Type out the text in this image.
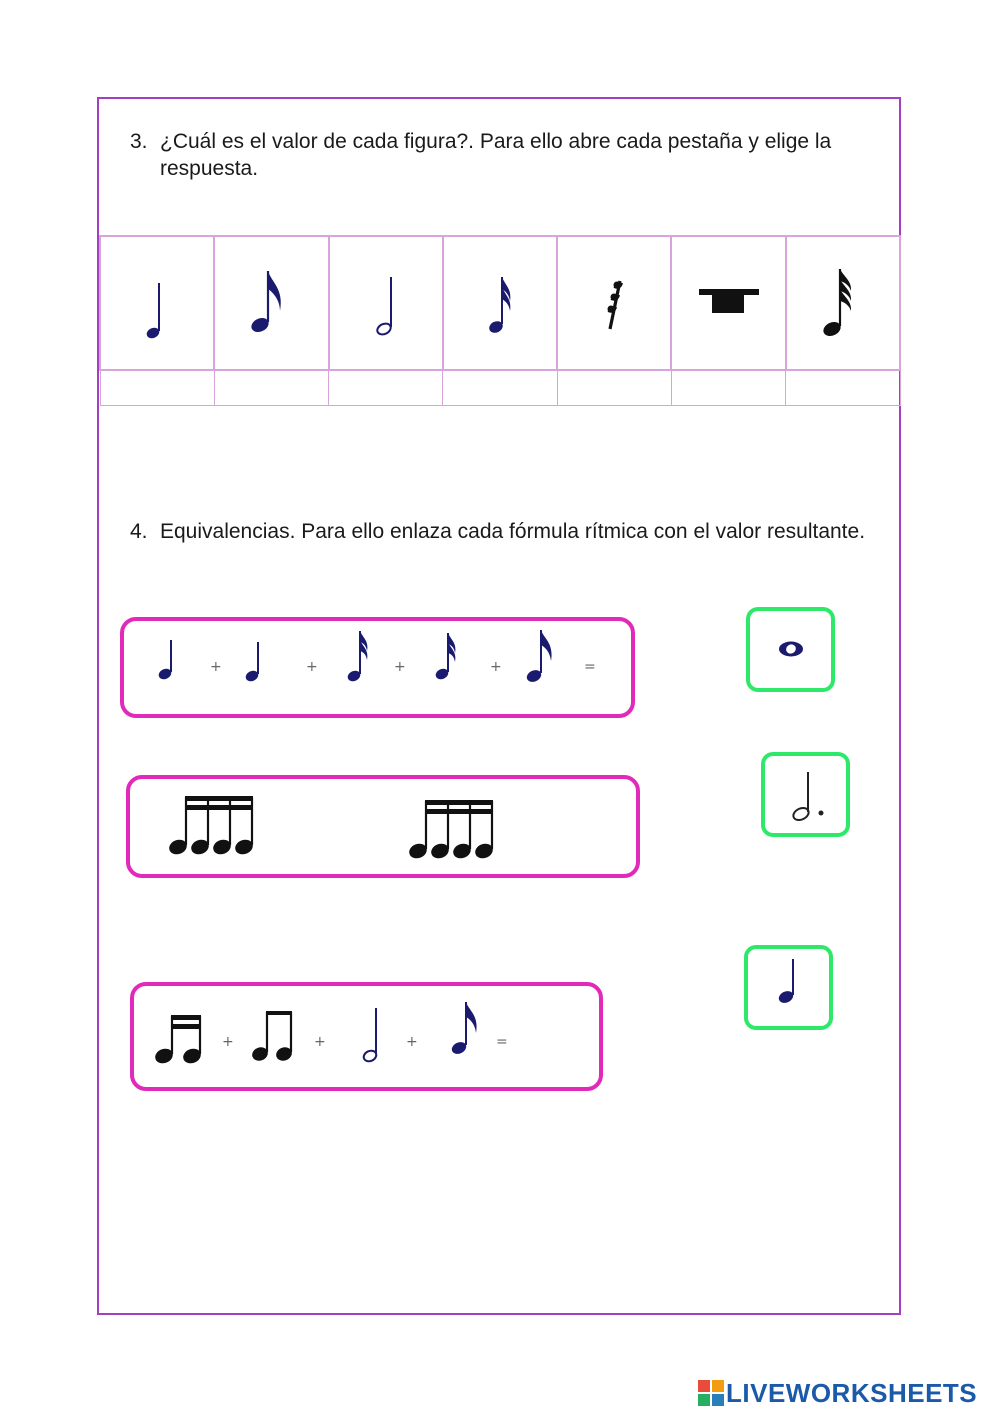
3. ¿Cuál es el valor de cada figura?. Para ello abre cada pestaña y elige la respuesta.

4. Equivalencias. Para ello enlaza cada fórmula rítmica con el valor resultante.

+	+	+	+	=
+	+	+	=
LIVEWORKSHEETS
